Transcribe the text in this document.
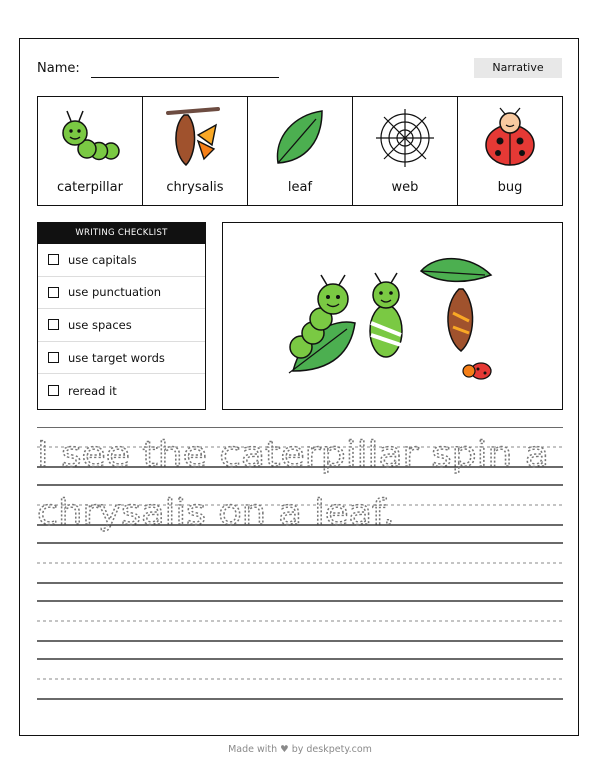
Name:	Narrative
caterpillar	chrysalis	leaf	web	bug
WRITING CHECKLIST
use capitals
use punctuation
use spaces
use target words
reread it
I see the caterpillar spin a
chrysalis on a leaf.
Made with ♥ by deskpety.com
